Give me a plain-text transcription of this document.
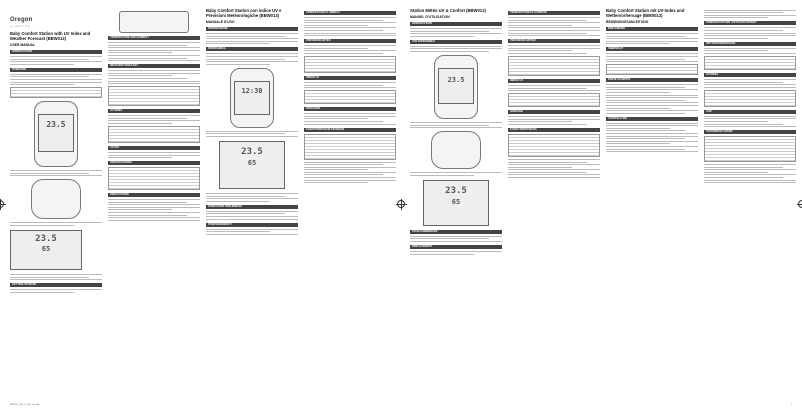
Oregon
SCIENTIFIC
Baby Comfort Station with UV Index and Weather Forecast (BBW013)
USER MANUAL
INTRODUCTION
OVERVIEW
23.5
23.5
65
GETTING STARTED
TEMPERATURE AND HUMIDITY
WEATHER FORECAST
UV INDEX
CLOCK
SPECIFICATIONS
PRECAUTIONS
Baby Comfort Station con indice UV e Previsioni Meteorologiche (BBW013)
MANUALE D'USO
INTRODUZIONE
PANORAMICA
12:30
23.5
65
OPERAZIONI PRELIMINARI
POSIZIONAMENTO
TEMPERATURA E UMIDITÀ
PREVISIONI METEO
INDICE UV
OROLOGIO
CARATTERISTICHE TECNICHE
Station Météo UV & Confort (BBW013)
MANUEL D'UTILISATION
INTRODUCTION
VUE D'ENSEMBLE
23.5
23.5
65
POUR COMMENCER
EMPLACEMENT
TEMPÉRATURE ET HUMIDITÉ
PRÉVISIONS MÉTÉO
INDICE UV
HORLOGE
CARACTÉRISTIQUES
Baby Comfort Station mit UV-Index und Wettervorhersage (BBW013)
BEDIENUNGSANLEITUNG
EINFÜHRUNG
ÜBERSICHT
ERSTE SCHRITTE
AUFSTELLUNG
TEMPERATUR UND LUFTFEUCHTIGKEIT
WETTERVORHERSAGE
UV-INDEX
UHR
TECHNISCHE DATEN
BBW013_EN_IT_FR_DE.indd	1
